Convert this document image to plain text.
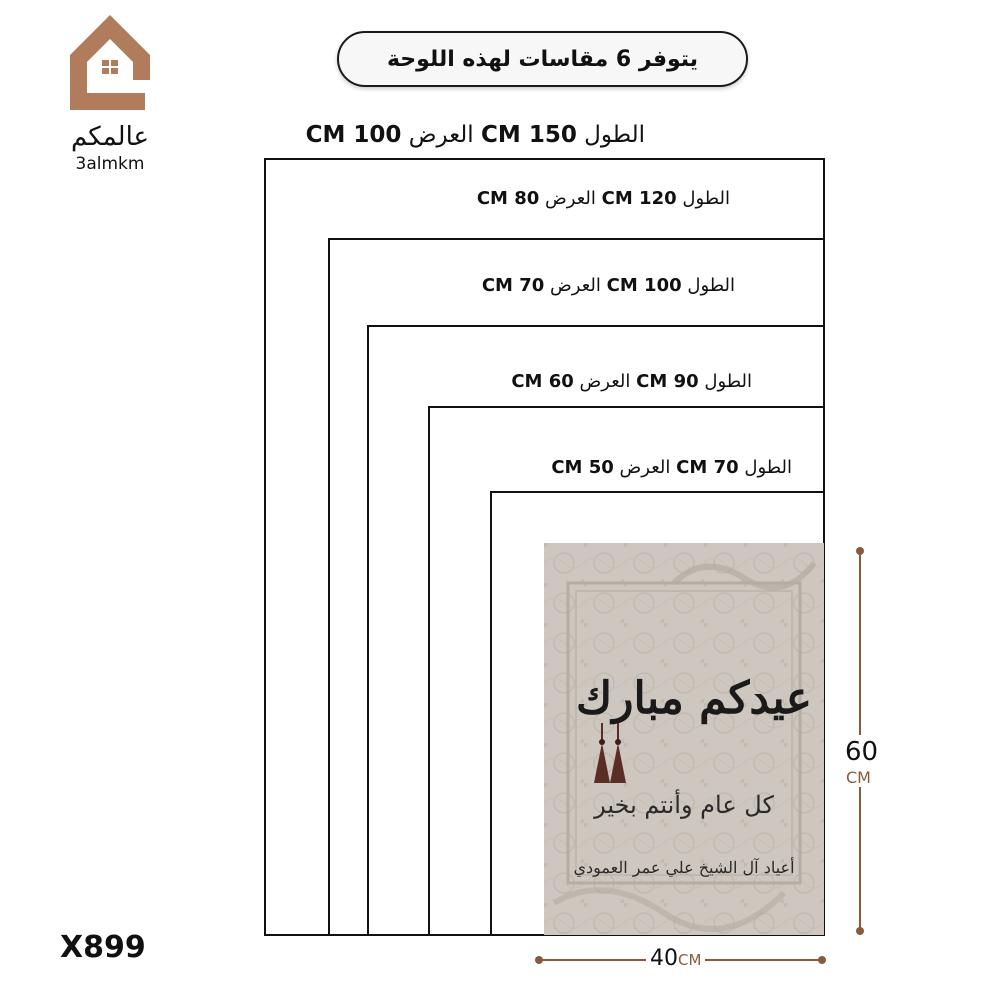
عالمكم
3almkm
يتوفر 6 مقاسات لهذه اللوحة
الطول 150 CM العرض 100 CM
الطول 120 CM العرض 80 CM
الطول 100 CM العرض 70 CM
الطول 90 CM العرض 60 CM
الطول 70 CM العرض 50 CM
عيدكم مبارك
كل عام وأنتم بخير
أعياد آل الشيخ علي عمر العمودي
60
CM
40CM
X899
